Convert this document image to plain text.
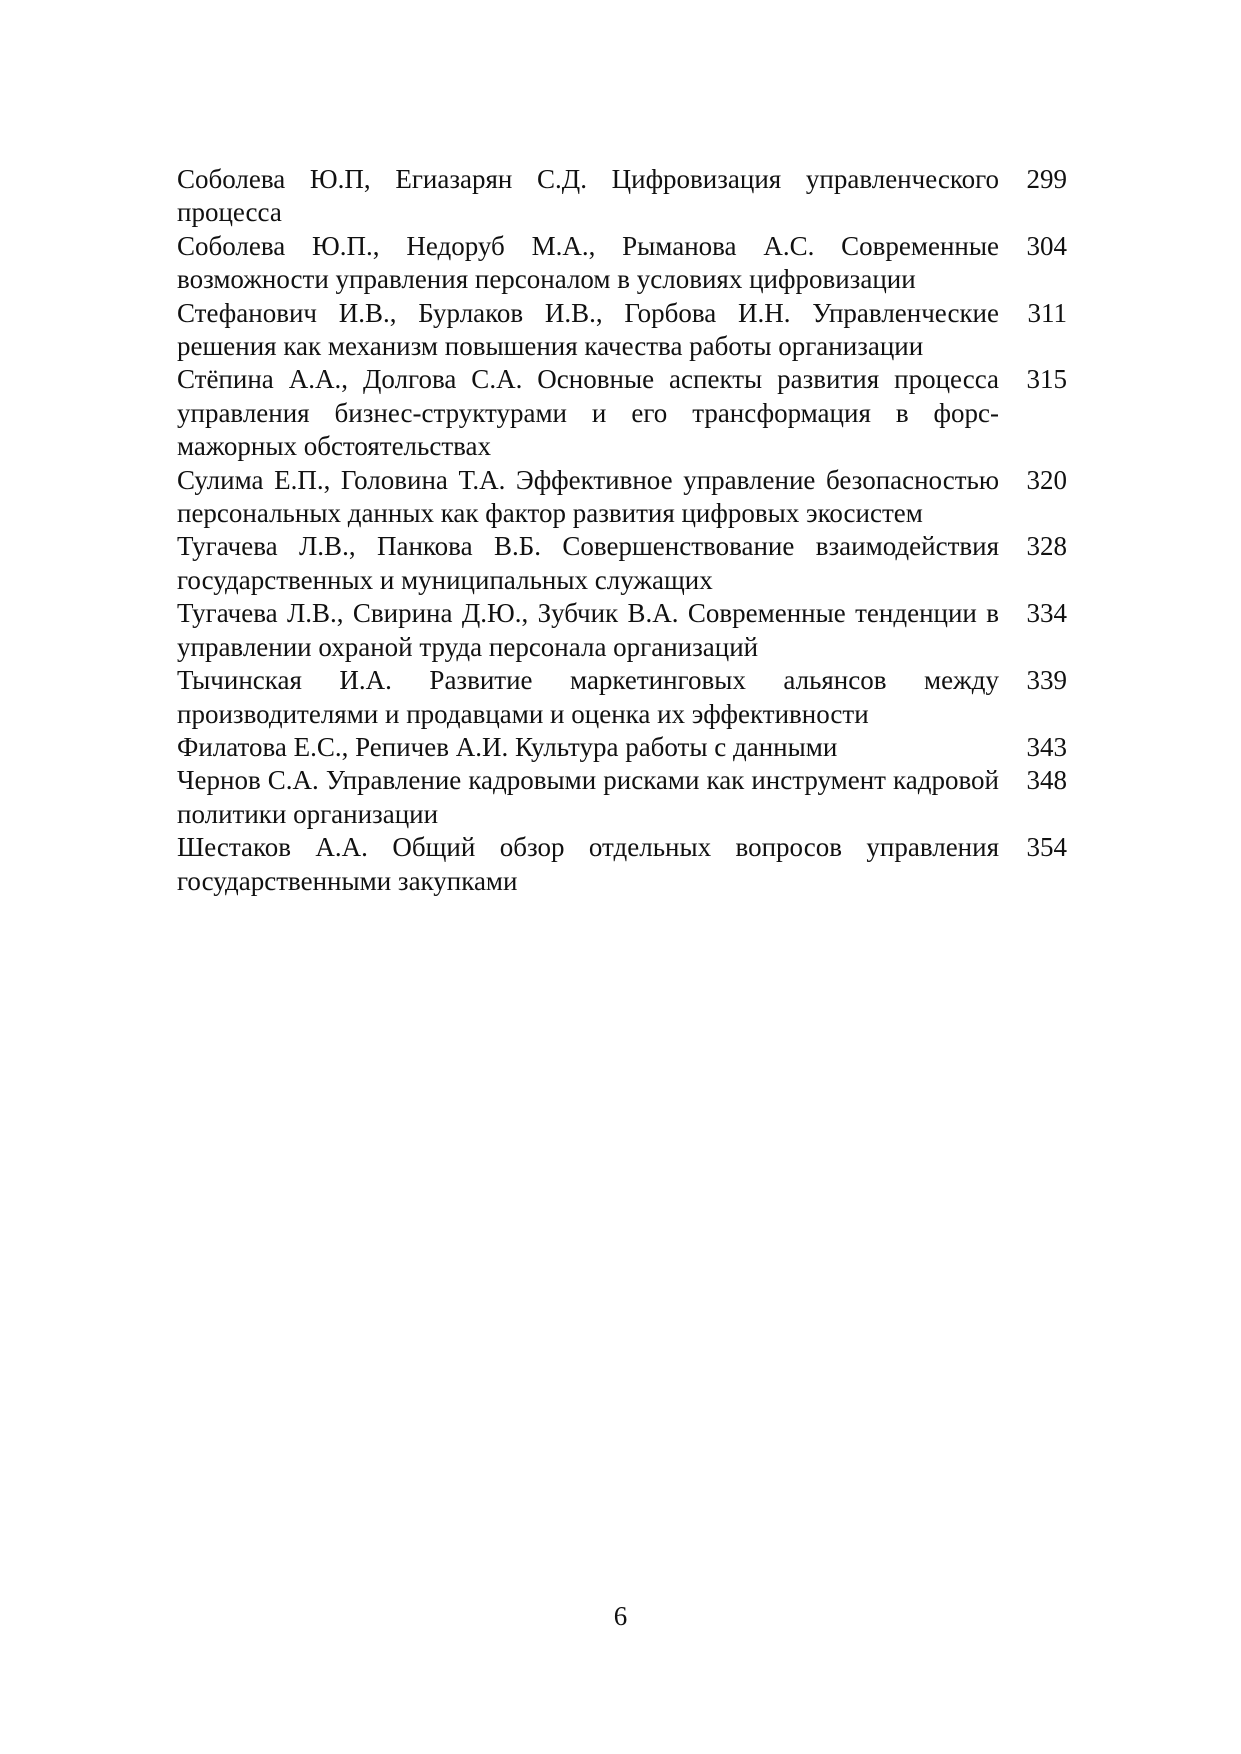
Соболева Ю.П, Егиазарян С.Д. Цифровизация управленческого процесса
299
Соболева Ю.П., Недоруб М.А., Рыманова А.С. Современные возможности управления персоналом в условиях цифровизации
304
Стефанович И.В., Бурлаков И.В., Горбова И.Н. Управленческие решения как механизм повышения качества работы организации
311
Стёпина А.А., Долгова С.А. Основные аспекты развития процесса управления бизнес-структурами и его трансформация в форс-мажорных обстоятельствах
315
Сулима Е.П., Головина Т.А. Эффективное управление безопасностью персональных данных как фактор развития цифровых экосистем
320
Тугачева Л.В., Панкова В.Б. Совершенствование взаимодействия государственных и муниципальных служащих
328
Тугачева Л.В., Свирина Д.Ю., Зубчик В.А. Современные тенденции в управлении охраной труда персонала организаций
334
Тычинская И.А. Развитие маркетинговых альянсов между производителями и продавцами и оценка их эффективности
339
Филатова Е.С., Репичев А.И. Культура работы с данными	343
Чернов С.А. Управление кадровыми рисками как инструмент кадровой политики организации
348
Шестаков А.А. Общий обзор отдельных вопросов управления государственными закупками
354
6
